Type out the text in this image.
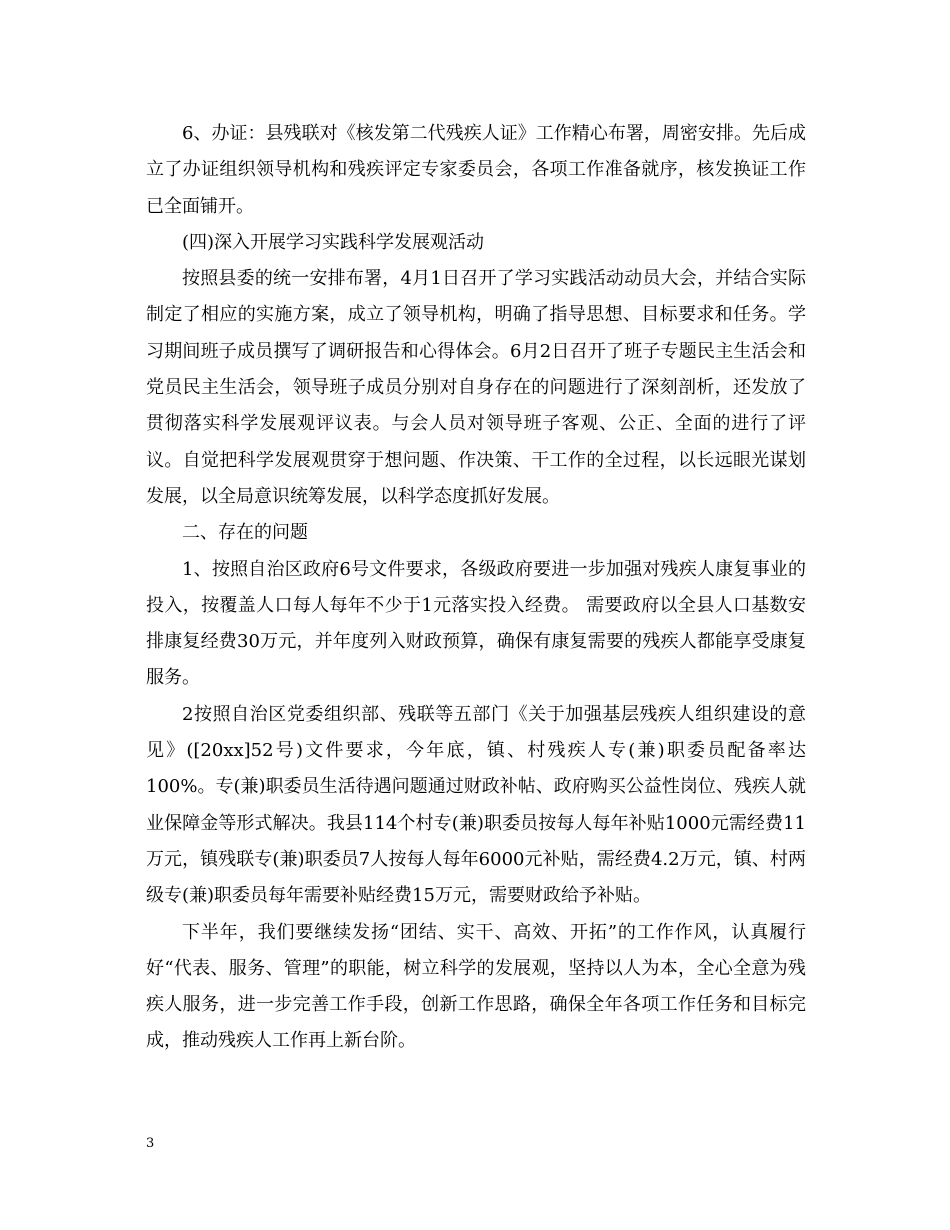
6、办证：县残联对《核发第二代残疾人证》工作精心布署，周密安排。先后成立了办证组织领导机构和残疾评定专家委员会，各项工作准备就序，核发换证工作已全面铺开。

(四)深入开展学习实践科学发展观活动

按照县委的统一安排布署，4月1日召开了学习实践活动动员大会，并结合实际制定了相应的实施方案，成立了领导机构，明确了指导思想、目标要求和任务。学习期间班子成员撰写了调研报告和心得体会。6月2日召开了班子专题民主生活会和党员民主生活会，领导班子成员分别对自身存在的问题进行了深刻剖析，还发放了贯彻落实科学发展观评议表。与会人员对领导班子客观、公正、全面的进行了评议。自觉把科学发展观贯穿于想问题、作决策、干工作的全过程，以长远眼光谋划发展，以全局意识统筹发展，以科学态度抓好发展。

二、存在的问题

1、按照自治区政府6号文件要求，各级政府要进一步加强对残疾人康复事业的投入，按覆盖人口每人每年不少于1元落实投入经费。 需要政府以全县人口基数安排康复经费30万元，并年度列入财政预算，确保有康复需要的残疾人都能享受康复服务。

2按照自治区党委组织部、残联等五部门《关于加强基层残疾人组织建设的意见》([20xx]52号)文件要求，今年底，镇、村残疾人专(兼)职委员配备率达100%。专(兼)职委员生活待遇问题通过财政补帖、政府购买公益性岗位、残疾人就业保障金等形式解决。我县114个村专(兼)职委员按每人每年补贴1000元需经费11万元，镇残联专(兼)职委员7人按每人每年6000元补贴，需经费4.2万元，镇、村两级专(兼)职委员每年需要补贴经费15万元，需要财政给予补贴。

下半年，我们要继续发扬“团结、实干、高效、开拓”的工作作风，认真履行好“代表、服务、管理”的职能，树立科学的发展观，坚持以人为本，全心全意为残疾人服务，进一步完善工作手段，创新工作思路，确保全年各项工作任务和目标完成，推动残疾人工作再上新台阶。

3
